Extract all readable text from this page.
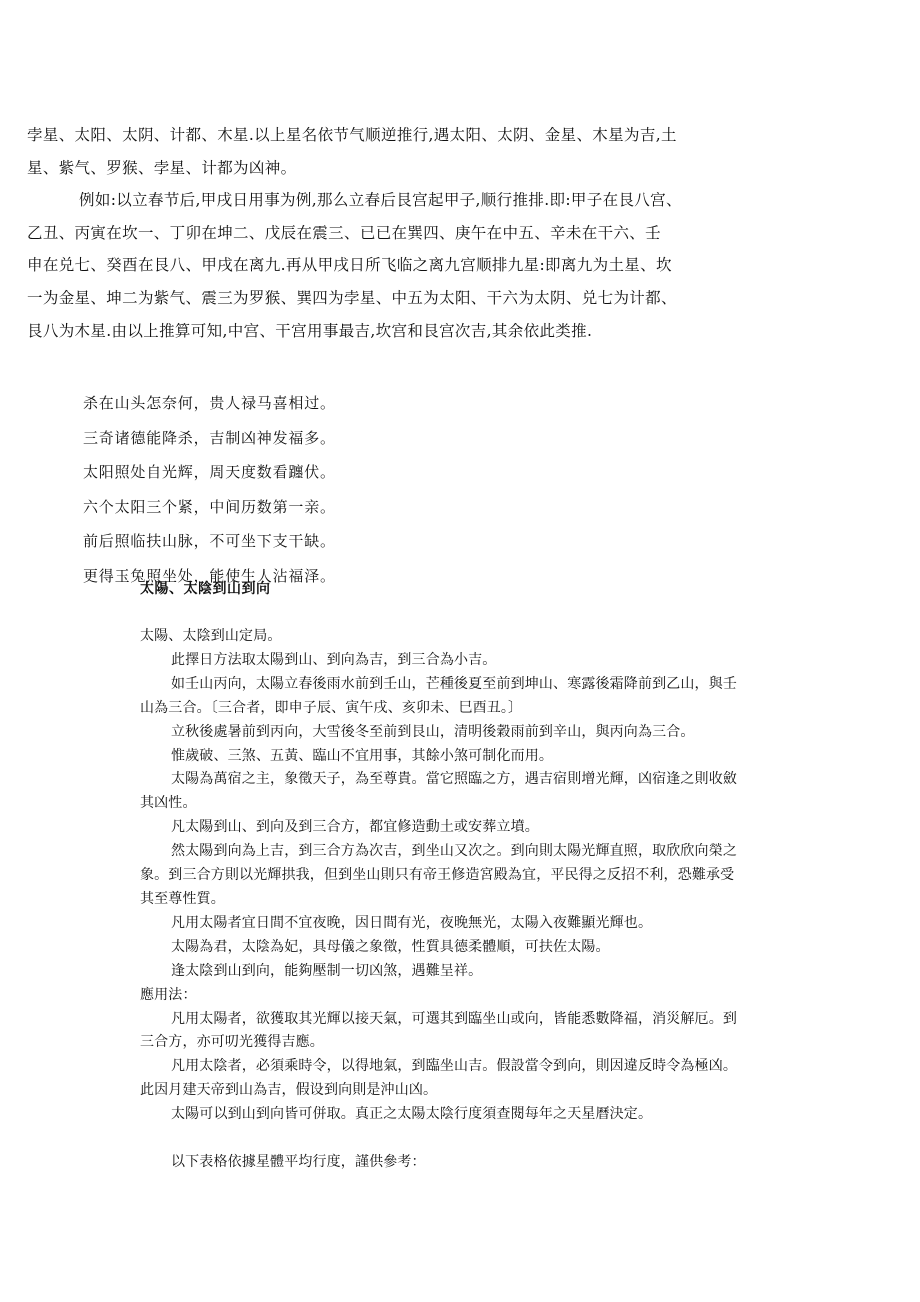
孛星、太阳、太阴、计都、木星.以上星名依节气顺逆推行,遇太阳、太阴、金星、木星为吉,土

星、紫气、罗猴、孛星、计都为凶神。

例如:以立春节后,甲戌日用事为例,那么立春后艮宫起甲子,顺行推排.即:甲子在艮八宫、

乙丑、丙寅在坎一、丁卯在坤二、戊辰在震三、已已在巽四、庚午在中五、辛未在干六、壬

申在兑七、癸酉在艮八、甲戌在离九.再从甲戌日所飞临之离九宫顺排九星:即离九为土星、坎

一为金星、坤二为紫气、震三为罗猴、巽四为孛星、中五为太阳、干六为太阴、兑七为计都、

艮八为木星.由以上推算可知,中宫、干宫用事最吉,坎宫和艮宫次吉,其余依此类推.

杀在山头怎奈何，贵人禄马喜相过。

三奇诸德能降杀，吉制凶神发福多。

太阳照处自光辉，周天度数看躔伏。

六个太阳三个紧，中间历数第一亲。

前后照临扶山脉，不可坐下支干缺。

更得玉兔照坐处，能使生人沾福泽。

太陽、太陰到山到向

太陽、太陰到山定局。

此擇日方法取太陽到山、到向為吉，到三合為小吉。

如壬山丙向，太陽立春後雨水前到壬山，芒種後夏至前到坤山、寒露後霜降前到乙山，與壬

山為三合。〔三合者，即申子辰、寅午戌、亥卯未、巳酉丑。〕

立秋後處暑前到丙向，大雪後冬至前到艮山，清明後穀雨前到辛山，與丙向為三合。

惟歲破、三煞、五黃、臨山不宜用事，其餘小煞可制化而用。

太陽為萬宿之主，象徵天子，為至尊貴。當它照臨之方，遇吉宿則增光輝，凶宿逢之則收斂

其凶性。

凡太陽到山、到向及到三合方，都宜修造動土或安葬立墳。

然太陽到向為上吉，到三合方為次吉，到坐山又次之。到向則太陽光輝直照，取欣欣向榮之

象。到三合方則以光輝拱我，但到坐山則只有帝王修造宮殿為宜，平民得之反招不利，恐難承受

其至尊性質。

凡用太陽者宜日間不宜夜晚，因日間有光，夜晚無光，太陽入夜難顯光輝也。

太陽為君，太陰為妃，具母儀之象徵，性質具德柔體順，可扶佐太陽。

逢太陰到山到向，能夠壓制一切凶煞，遇難呈祥。

應用法：

凡用太陽者，欲獲取其光輝以接天氣，可選其到臨坐山或向，皆能悉數降福，消災解厄。到

三合方，亦可叨光獲得吉應。

凡用太陰者，必須乘時令，以得地氣，到臨坐山吉。假設當令到向，則因違反時令為極凶。

此因月建天帝到山為吉，假设到向則是沖山凶。

太陽可以到山到向皆可併取。真正之太陽太陰行度須查閱每年之天星曆決定。

以下表格依據星體平均行度，謹供參考：
